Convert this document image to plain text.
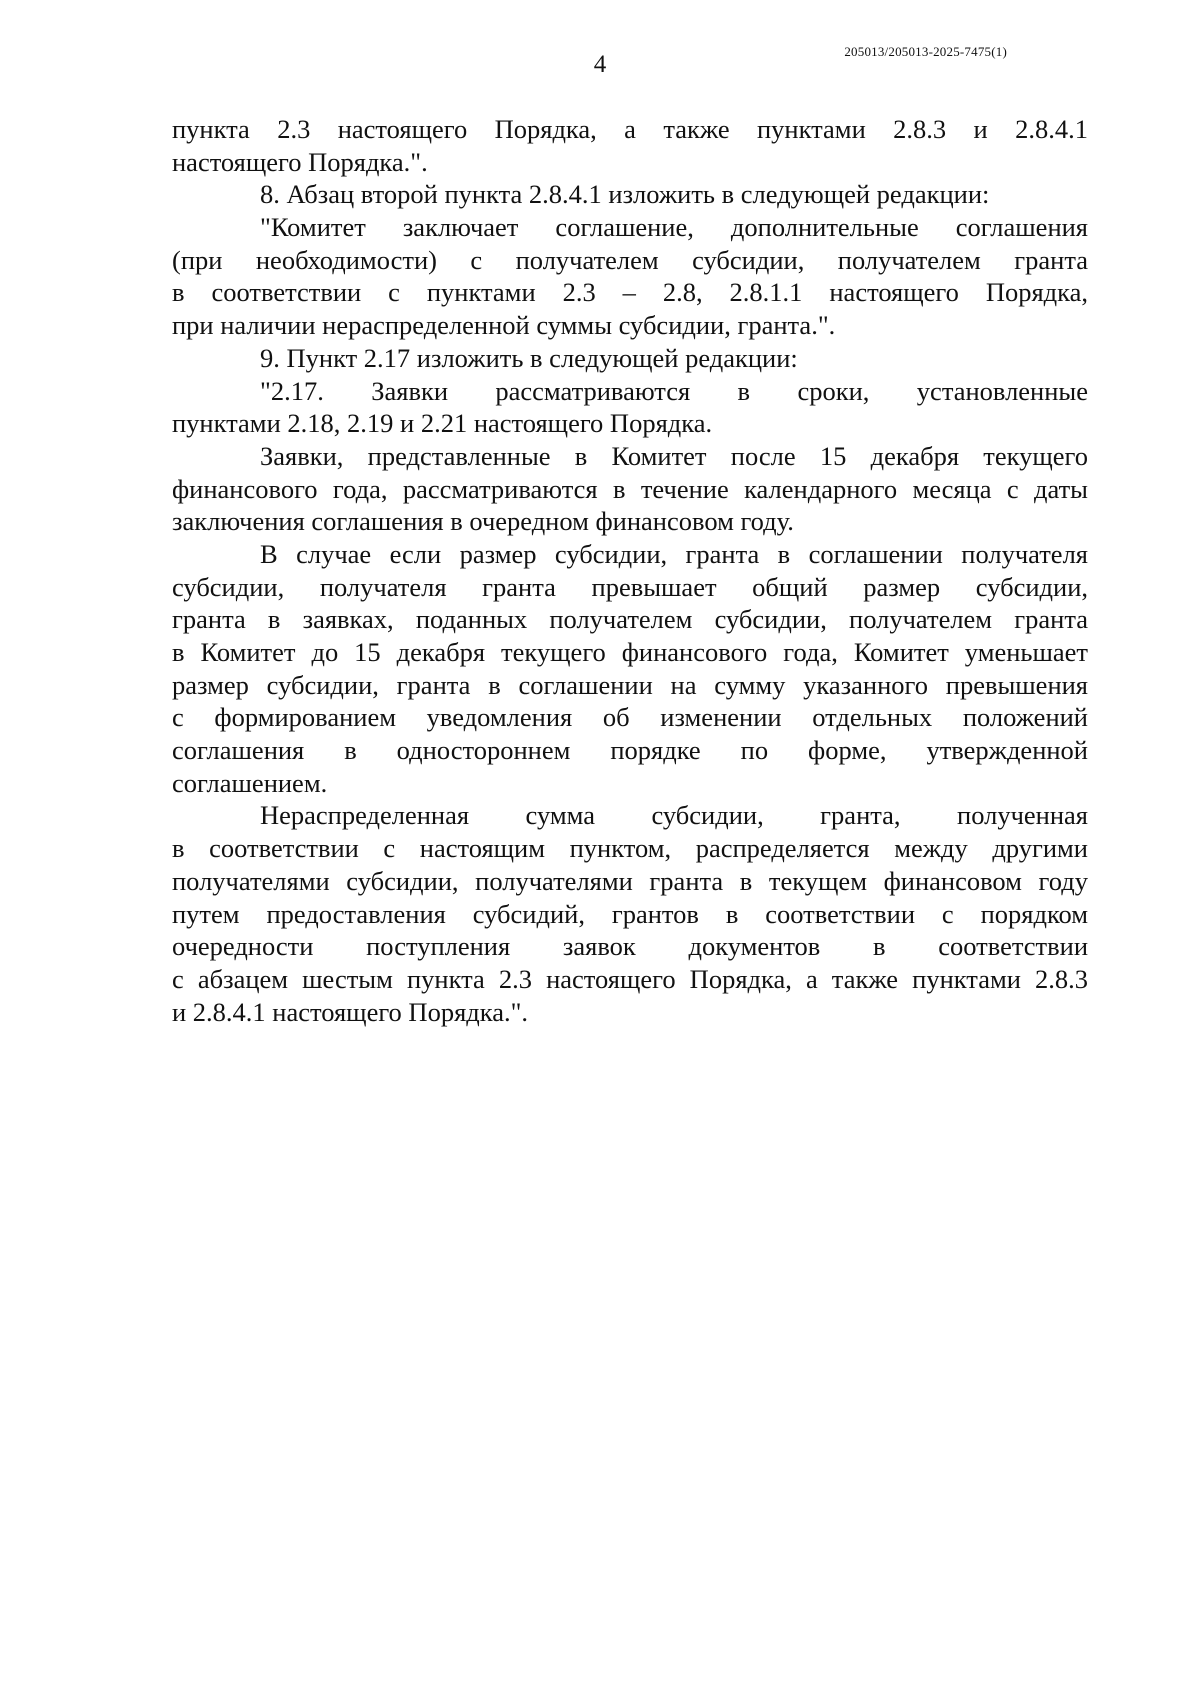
4	205013/205013-2025-7475(1)
пункта 2.3 настоящего Порядка, а также пунктами 2.8.3 и 2.8.4.1
настоящего Порядка.".
8. Абзац второй пункта 2.8.4.1 изложить в следующей редакции:
"Комитет заключает соглашение, дополнительные соглашения
(при необходимости) с получателем субсидии, получателем гранта
в соответствии с пунктами 2.3 – 2.8, 2.8.1.1 настоящего Порядка,
при наличии нераспределенной суммы субсидии, гранта.".
9. Пункт 2.17 изложить в следующей редакции:
"2.17. Заявки рассматриваются в сроки, установленные
пунктами 2.18, 2.19 и 2.21 настоящего Порядка.
Заявки, представленные в Комитет после 15 декабря текущего
финансового года, рассматриваются в течение календарного месяца с даты
заключения соглашения в очередном финансовом году.
В случае если размер субсидии, гранта в соглашении получателя
субсидии, получателя гранта превышает общий размер субсидии,
гранта в заявках, поданных получателем субсидии, получателем гранта
в Комитет до 15 декабря текущего финансового года, Комитет уменьшает
размер субсидии, гранта в соглашении на сумму указанного превышения
с формированием уведомления об изменении отдельных положений
соглашения в одностороннем порядке по форме, утвержденной
соглашением.
Нераспределенная сумма субсидии, гранта, полученная
в соответствии с настоящим пунктом, распределяется между другими
получателями субсидии, получателями гранта в текущем финансовом году
путем предоставления субсидий, грантов в соответствии с порядком
очередности поступления заявок документов в соответствии
с абзацем шестым пункта 2.3 настоящего Порядка, а также пунктами 2.8.3
и 2.8.4.1 настоящего Порядка.".
